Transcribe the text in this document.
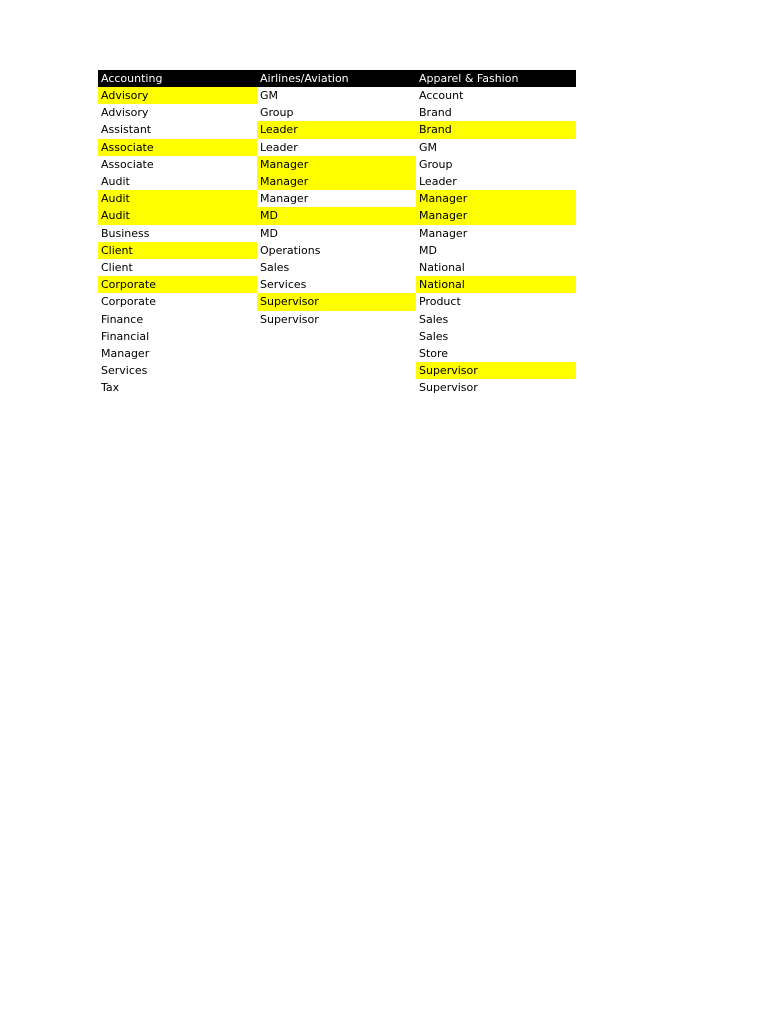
Accounting	Airlines/Aviation	Apparel & Fashion
Advisory	GM	Account
Advisory	Group	Brand
Assistant	Leader	Brand
Associate	Leader	GM
Associate	Manager	Group
Audit	Manager	Leader
Audit	Manager	Manager
Audit	MD	Manager
Business	MD	Manager
Client	Operations	MD
Client	Sales	National
Corporate	Services	National
Corporate	Supervisor	Product
Finance	Supervisor	Sales
Financial		Sales
Manager		Store
Services		Supervisor
Tax		Supervisor
